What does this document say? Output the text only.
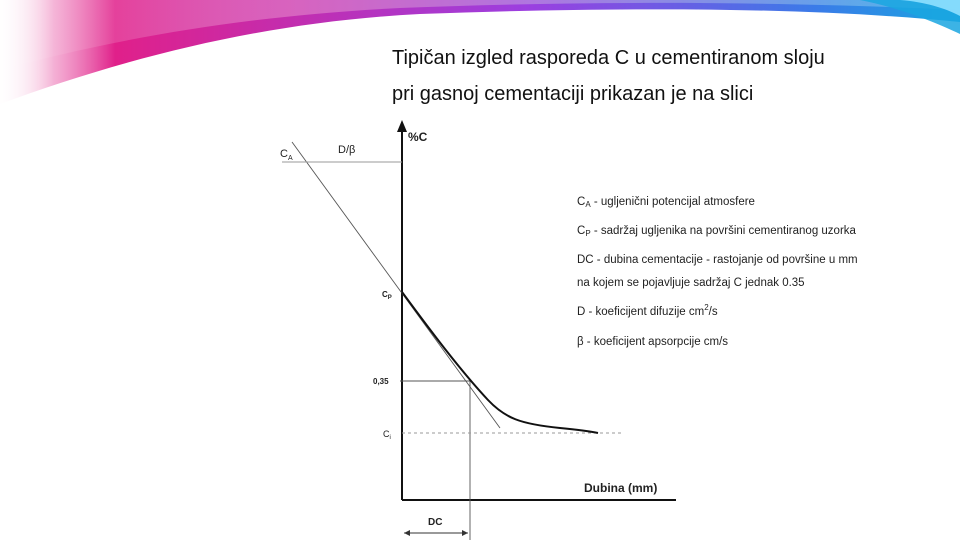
Tipičan izgled rasporeda C u cementiranom sloju
pri gasnoj cementaciji prikazan je na slici
%C
Dubina (mm)
D/β
$C_A$
$C_P$
0,35
$C_i$
DC
CA - ugljenični potencijal atmosfere
CP - sadržaj ugljenika na površini cementiranog uzorka
DC - dubina cementacije - rastojanje od površine u mm
na kojem se pojavljuje sadržaj C jednak 0.35
D - koeficijent difuzije $cm^2/s$
β - koeficijent apsorpcije cm/s
